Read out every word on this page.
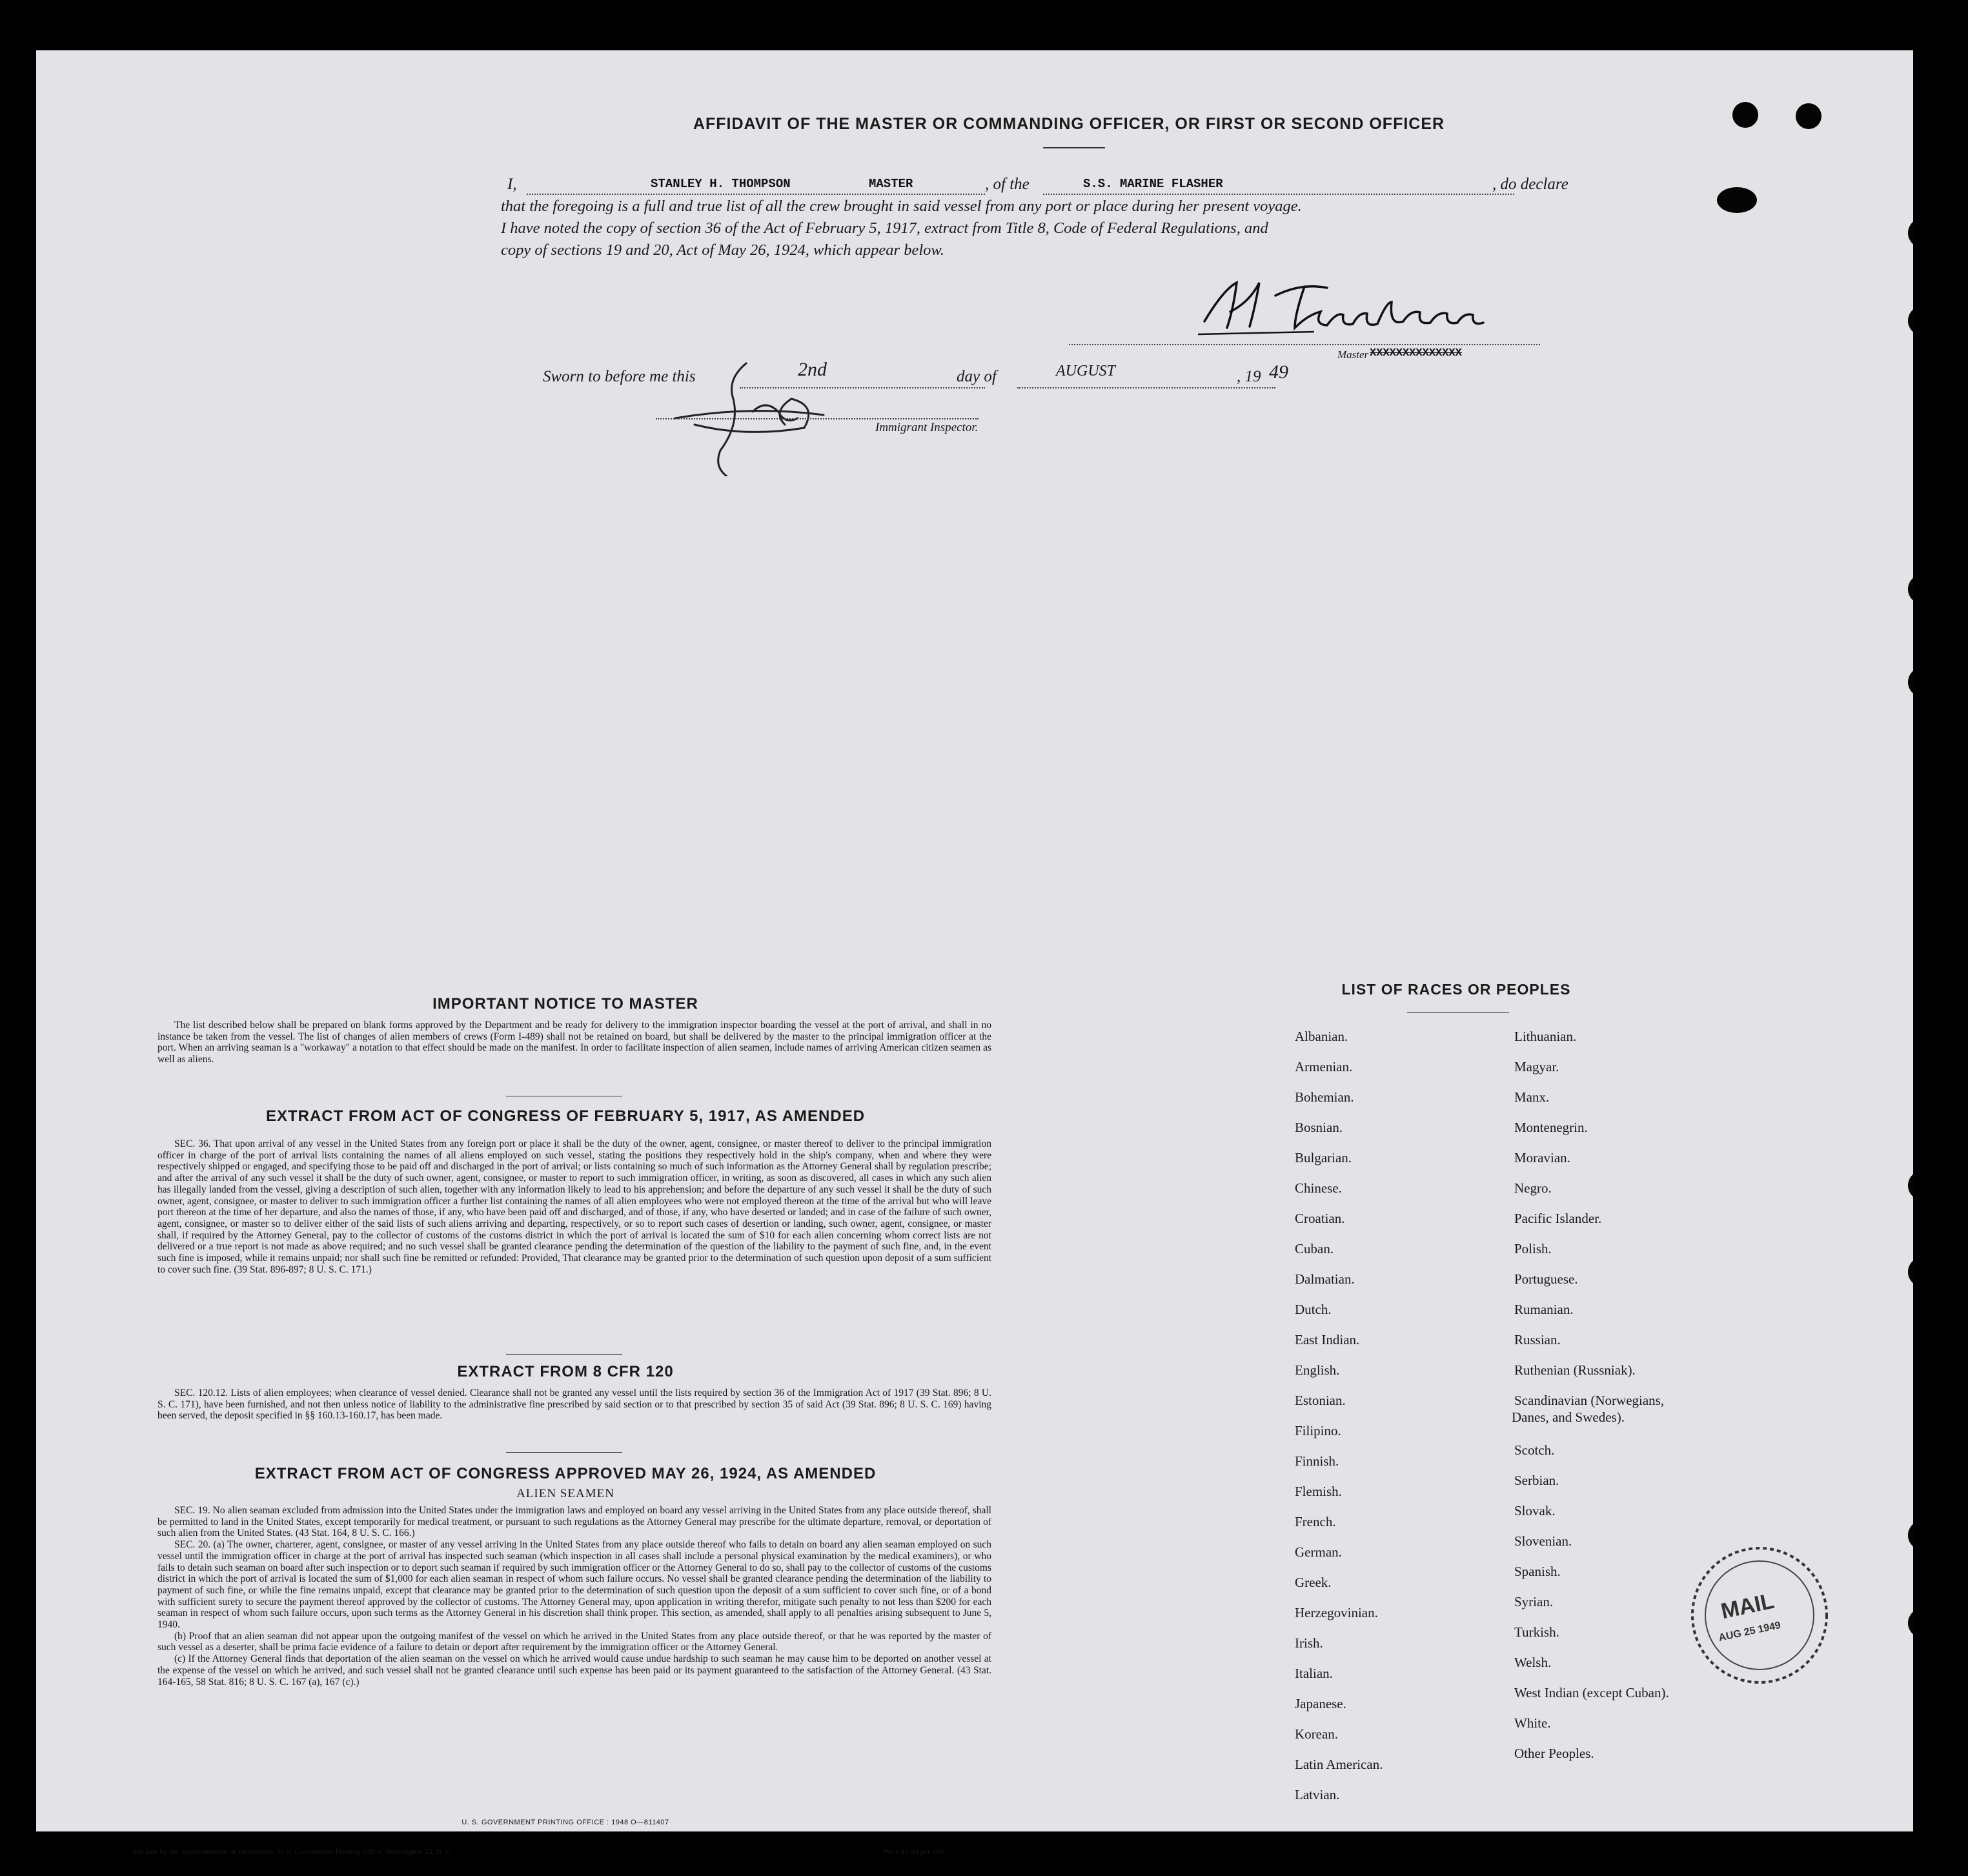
AFFIDAVIT OF THE MASTER OR COMMANDING OFFICER, OR FIRST OR SECOND OFFICER
I,	STANLEY H. THOMPSON	MASTER	, of the	S.S. MARINE FLASHER	, do declare
that the foregoing is a full and true list of all the crew brought in said vessel from any port or place during her present voyage.
I have noted the copy of section 36 of the Act of February 5, 1917, extract from Title 8, Code of Federal Regulations, and
copy of sections 19 and 20, Act of May 26, 1924, which appear below.
Master XXXXXXXXXXXXXX
Sworn to before me this	2nd	day of	AUGUST	, 19 49
Immigrant Inspector.
IMPORTANT NOTICE TO MASTER

The list described below shall be prepared on blank forms approved by the Department and be ready for delivery to the immigration inspector boarding the vessel at the port of arrival, and shall in no instance be taken from the vessel. The list of changes of alien members of crews (Form I-489) shall not be retained on board, but shall be delivered by the master to the principal immigration officer at the port. When an arriving seaman is a "workaway" a notation to that effect should be made on the manifest. In order to facilitate inspection of alien seamen, include names of arriving American citizen seamen as well as aliens.

EXTRACT FROM ACT OF CONGRESS OF FEBRUARY 5, 1917, AS AMENDED

SEC. 36. That upon arrival of any vessel in the United States from any foreign port or place it shall be the duty of the owner, agent, consignee, or master thereof to deliver to the principal immigration officer in charge of the port of arrival lists containing the names of all aliens employed on such vessel, stating the positions they respectively hold in the ship's company, when and where they were respectively shipped or engaged, and specifying those to be paid off and discharged in the port of arrival; or lists containing so much of such information as the Attorney General shall by regulation prescribe; and after the arrival of any such vessel it shall be the duty of such owner, agent, consignee, or master to report to such immigration officer, in writing, as soon as discovered, all cases in which any such alien has illegally landed from the vessel, giving a description of such alien, together with any information likely to lead to his apprehension; and before the departure of any such vessel it shall be the duty of such owner, agent, consignee, or master to deliver to such immigration officer a further list containing the names of all alien employees who were not employed thereon at the time of the arrival but who will leave port thereon at the time of her departure, and also the names of those, if any, who have been paid off and discharged, and of those, if any, who have deserted or landed; and in case of the failure of such owner, agent, consignee, or master so to deliver either of the said lists of such aliens arriving and departing, respectively, or so to report such cases of desertion or landing, such owner, agent, consignee, or master shall, if required by the Attorney General, pay to the collector of customs of the customs district in which the port of arrival is located the sum of $10 for each alien concerning whom correct lists are not delivered or a true report is not made as above required; and no such vessel shall be granted clearance pending the determination of the question of the liability to the payment of such fine, and, in the event such fine is imposed, while it remains unpaid; nor shall such fine be remitted or refunded: Provided, That clearance may be granted prior to the determination of such question upon deposit of a sum sufficient to cover such fine. (39 Stat. 896-897; 8 U. S. C. 171.)

EXTRACT FROM 8 CFR 120

SEC. 120.12. Lists of alien employees; when clearance of vessel denied. Clearance shall not be granted any vessel until the lists required by section 36 of the Immigration Act of 1917 (39 Stat. 896; 8 U. S. C. 171), have been furnished, and not then unless notice of liability to the administrative fine prescribed by said section or to that prescribed by section 35 of said Act (39 Stat. 896; 8 U. S. C. 169) having been served, the deposit specified in §§ 160.13-160.17, has been made.

EXTRACT FROM ACT OF CONGRESS APPROVED MAY 26, 1924, AS AMENDED
ALIEN SEAMEN

SEC. 19. No alien seaman excluded from admission into the United States under the immigration laws and employed on board any vessel arriving in the United States from any place outside thereof, shall be permitted to land in the United States, except temporarily for medical treatment, or pursuant to such regulations as the Attorney General may prescribe for the ultimate departure, removal, or deportation of such alien from the United States. (43 Stat. 164, 8 U. S. C. 166.)

SEC. 20. (a) The owner, charterer, agent, consignee, or master of any vessel arriving in the United States from any place outside thereof who fails to detain on board any alien seaman employed on such vessel until the immigration officer in charge at the port of arrival has inspected such seaman (which inspection in all cases shall include a personal physical examination by the medical examiners), or who fails to detain such seaman on board after such inspection or to deport such seaman if required by such immigration officer or the Attorney General to do so, shall pay to the collector of customs of the customs district in which the port of arrival is located the sum of $1,000 for each alien seaman in respect of whom such failure occurs. No vessel shall be granted clearance pending the determination of the liability to payment of such fine, or while the fine remains unpaid, except that clearance may be granted prior to the determination of such question upon the deposit of a sum sufficient to cover such fine, or of a bond with sufficient surety to secure the payment thereof approved by the collector of customs. The Attorney General may, upon application in writing therefor, mitigate such penalty to not less than $200 for each seaman in respect of whom such failure occurs, upon such terms as the Attorney General in his discretion shall think proper. This section, as amended, shall apply to all penalties arising subsequent to June 5, 1940.

(b) Proof that an alien seaman did not appear upon the outgoing manifest of the vessel on which he arrived in the United States from any place outside thereof, or that he was reported by the master of such vessel as a deserter, shall be prima facie evidence of a failure to detain or deport after requirement by the immigration officer or the Attorney General.

(c) If the Attorney General finds that deportation of the alien seaman on the vessel on which he arrived would cause undue hardship to such seaman he may cause him to be deported on another vessel at the expense of the vessel on which he arrived, and such vessel shall not be granted clearance until such expense has been paid or its payment guaranteed to the satisfaction of the Attorney General. (43 Stat. 164-165, 58 Stat. 816; 8 U. S. C. 167 (a), 167 (c).)

U. S. GOVERNMENT PRINTING OFFICE : 1948 O—811407
LIST OF RACES OR PEOPLES
Albanian.
Armenian.
Bohemian.
Bosnian.
Bulgarian.
Chinese.
Croatian.
Cuban.
Dalmatian.
Dutch.
East Indian.
English.
Estonian.
Filipino.
Finnish.
Flemish.
French.
German.
Greek.
Herzegovinian.
Irish.
Italian.
Japanese.
Korean.
Latin American.
Latvian.
Lithuanian.
Magyar.
Manx.
Montenegrin.
Moravian.
Negro.
Pacific Islander.
Polish.
Portuguese.
Rumanian.
Russian.
Ruthenian (Russniak).
Scandinavian (Norwegians,
Danes, and Swedes).
Scotch.
Serbian.
Slovak.
Slovenian.
Spanish.
Syrian.
Turkish.
Welsh.
West Indian (except Cuban).
White.
Other Peoples.
MAIL
AUG 25 1949
For sale by the Superintendent of Documents, U. S. Government Printing Office, Washington 25, D. C.	Price $3.00 per 100
